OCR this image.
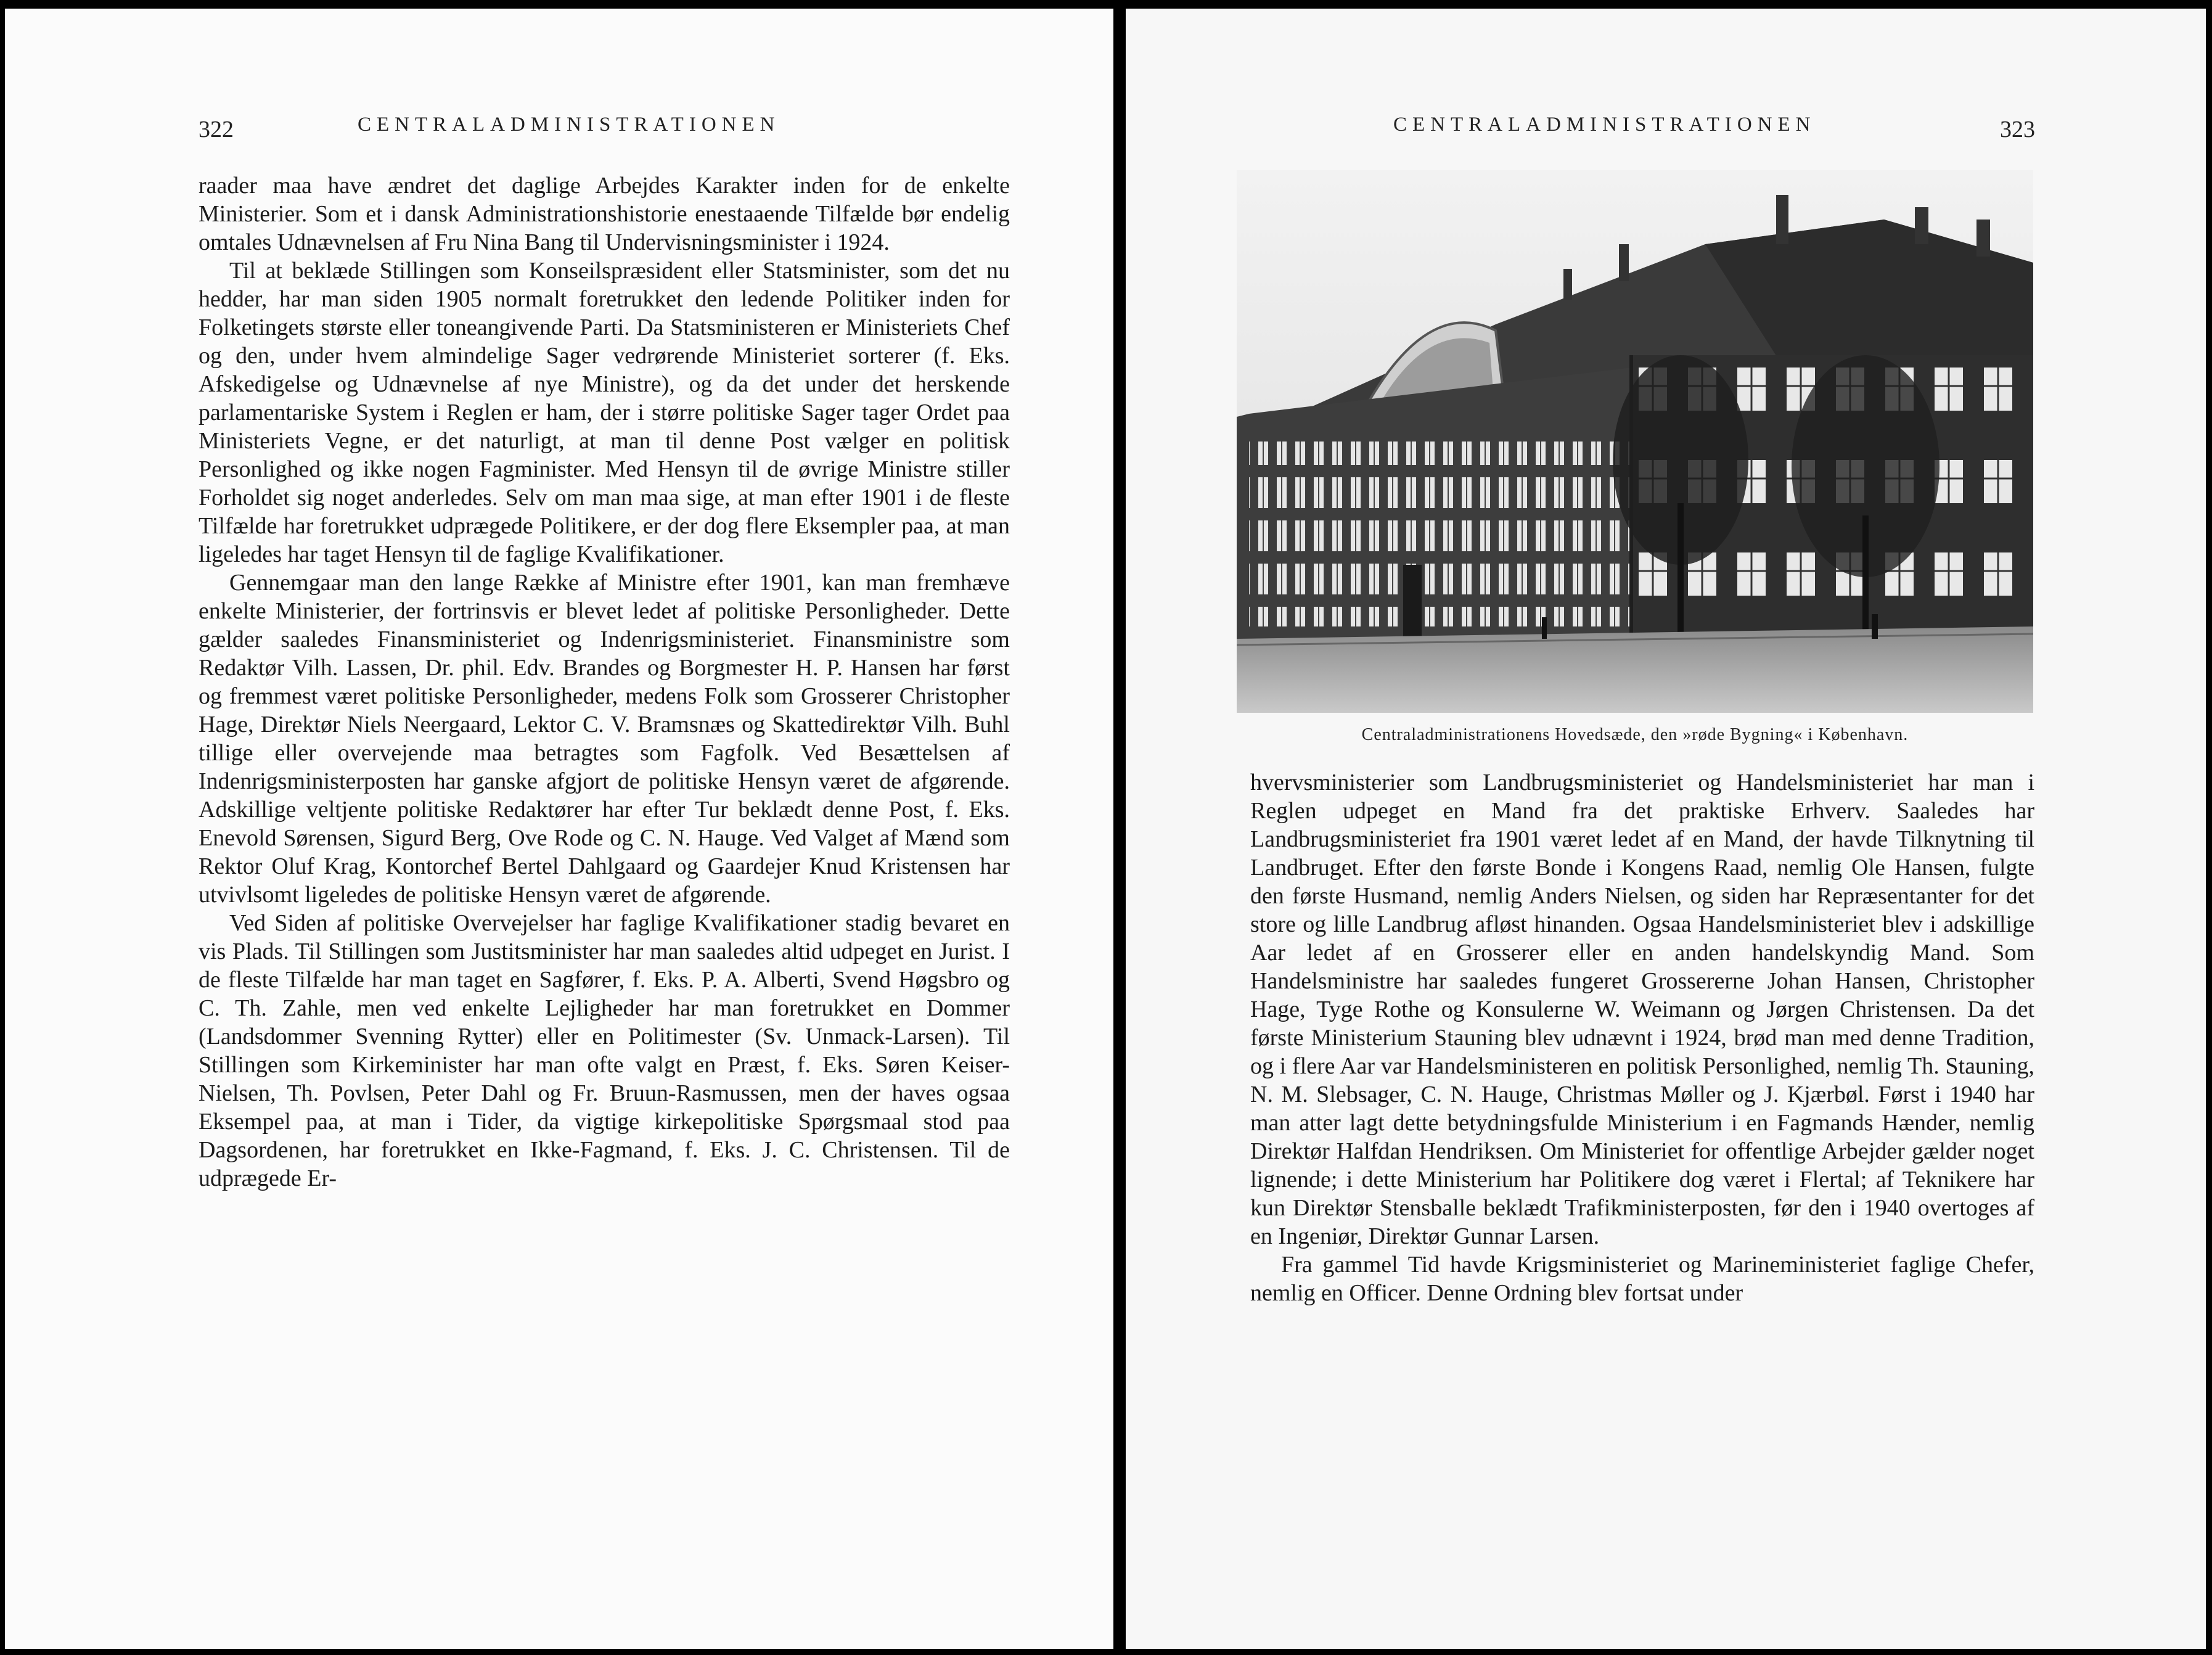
322	CENTRALADMINISTRATIONEN

raader maa have ændret det daglige Arbejdes Karakter inden for de enkelte Ministerier. Som et i dansk Administrationshistorie enestaaende Tilfælde bør endelig omtales Udnævnelsen af Fru Nina Bang til Undervisningsminister i 1924.

Til at beklæde Stillingen som Konseilspræsident eller Statsminister, som det nu hedder, har man siden 1905 normalt foretrukket den ledende Politiker inden for Folketingets største eller toneangivende Parti. Da Statsministeren er Ministeriets Chef og den, under hvem almindelige Sager vedrørende Ministeriet sorterer (f. Eks. Afskedigelse og Udnævnelse af nye Ministre), og da det under det herskende parlamentariske System i Reglen er ham, der i større politiske Sager tager Ordet paa Ministeriets Vegne, er det naturligt, at man til denne Post vælger en politisk Personlighed og ikke nogen Fagminister. Med Hensyn til de øvrige Ministre stiller Forholdet sig noget anderledes. Selv om man maa sige, at man efter 1901 i de fleste Tilfælde har foretrukket udprægede Politikere, er der dog flere Eksempler paa, at man ligeledes har taget Hensyn til de faglige Kvalifikationer.

Gennemgaar man den lange Række af Ministre efter 1901, kan man fremhæve enkelte Ministerier, der fortrinsvis er blevet ledet af politiske Personligheder. Dette gælder saaledes Finansministeriet og Indenrigsministeriet. Finansministre som Redaktør Vilh. Lassen, Dr. phil. Edv. Brandes og Borgmester H. P. Hansen har først og fremmest været politiske Personligheder, medens Folk som Grosserer Christopher Hage, Direktør Niels Neergaard, Lektor C. V. Bramsnæs og Skattedirektør Vilh. Buhl tillige eller overvejende maa betragtes som Fagfolk. Ved Besættelsen af Indenrigsministerposten har ganske afgjort de politiske Hensyn været de afgørende. Adskillige veltjente politiske Redaktører har efter Tur beklædt denne Post, f. Eks. Enevold Sørensen, Sigurd Berg, Ove Rode og C. N. Hauge. Ved Valget af Mænd som Rektor Oluf Krag, Kontorchef Bertel Dahlgaard og Gaardejer Knud Kristensen har utvivlsomt ligeledes de politiske Hensyn været de afgørende.

Ved Siden af politiske Overvejelser har faglige Kvalifikationer stadig bevaret en vis Plads. Til Stillingen som Justitsminister har man saaledes altid udpeget en Jurist. I de fleste Tilfælde har man taget en Sagfører, f. Eks. P. A. Alberti, Svend Høgsbro og C. Th. Zahle, men ved enkelte Lejligheder har man foretrukket en Dommer (Landsdommer Svenning Rytter) eller en Politimester (Sv. Unmack-Larsen). Til Stillingen som Kirkeminister har man ofte valgt en Præst, f. Eks. Søren Keiser-Nielsen, Th. Povlsen, Peter Dahl og Fr. Bruun-Rasmussen, men der haves ogsaa Eksempel paa, at man i Tider, da vigtige kirkepolitiske Spørgsmaal stod paa Dagsordenen, har foretrukket en Ikke-Fagmand, f. Eks. J. C. Christensen. Til de udprægede Er-

CENTRALADMINISTRATIONEN	323
Centraladministrationens Hovedsæde, den »røde Bygning« i København.

hvervsministerier som Landbrugsministeriet og Handelsministeriet har man i Reglen udpeget en Mand fra det praktiske Erhverv. Saaledes har Landbrugsministeriet fra 1901 været ledet af en Mand, der havde Tilknytning til Landbruget. Efter den første Bonde i Kongens Raad, nemlig Ole Hansen, fulgte den første Husmand, nemlig Anders Nielsen, og siden har Repræsentanter for det store og lille Landbrug afløst hinanden. Ogsaa Handelsministeriet blev i adskillige Aar ledet af en Grosserer eller en anden handelskyndig Mand. Som Handelsministre har saaledes fungeret Grossererne Johan Hansen, Christopher Hage, Tyge Rothe og Konsulerne W. Weimann og Jørgen Christensen. Da det første Ministerium Stauning blev udnævnt i 1924, brød man med denne Tradition, og i flere Aar var Handelsministeren en politisk Personlighed, nemlig Th. Stauning, N. M. Slebsager, C. N. Hauge, Christmas Møller og J. Kjærbøl. Først i 1940 har man atter lagt dette betydningsfulde Ministerium i en Fagmands Hænder, nemlig Direktør Halfdan Hendriksen. Om Ministeriet for offentlige Arbejder gælder noget lignende; i dette Ministerium har Politikere dog været i Flertal; af Teknikere har kun Direktør Stensballe beklædt Trafikministerposten, før den i 1940 overtoges af en Ingeniør, Direktør Gunnar Larsen.

Fra gammel Tid havde Krigsministeriet og Marineministeriet faglige Chefer, nemlig en Officer. Denne Ordning blev fortsat under
